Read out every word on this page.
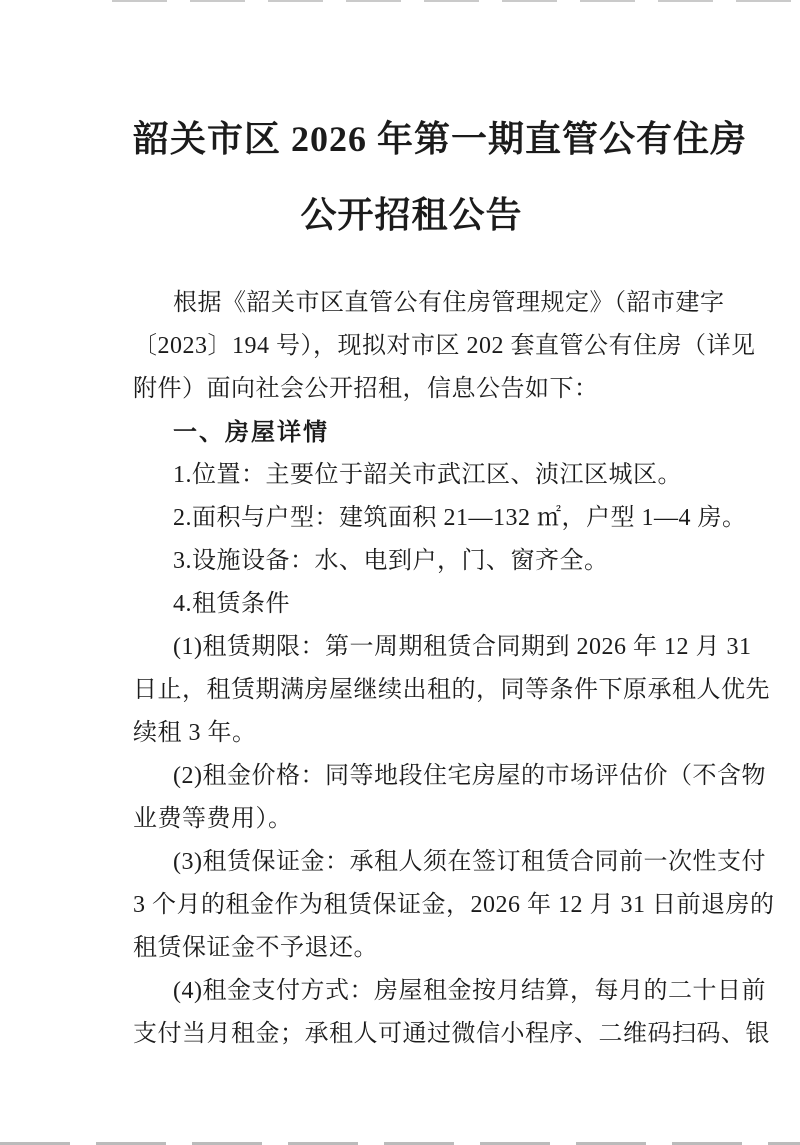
韶关市区 2026 年第一期直管公有住房
公开招租公告
根据《韶关市区直管公有住房管理规定》（韶市建字
〔2023〕194 号），现拟对市区 202 套直管公有住房（详见
附件）面向社会公开招租，信息公告如下：
一、房屋详情
1.位置：主要位于韶关市武江区、浈江区城区。
2.面积与户型：建筑面积 21—132 ㎡，户型 1—4 房。
3.设施设备：水、电到户，门、窗齐全。
4.租赁条件
(1)租赁期限：第一周期租赁合同期到 2026 年 12 月 31
日止，租赁期满房屋继续出租的，同等条件下原承租人优先
续租 3 年。
(2)租金价格：同等地段住宅房屋的市场评估价（不含物
业费等费用）。
(3)租赁保证金：承租人须在签订租赁合同前一次性支付
3 个月的租金作为租赁保证金，2026 年 12 月 31 日前退房的
租赁保证金不予退还。
(4)租金支付方式：房屋租金按月结算，每月的二十日前
支付当月租金；承租人可通过微信小程序、二维码扫码、银
